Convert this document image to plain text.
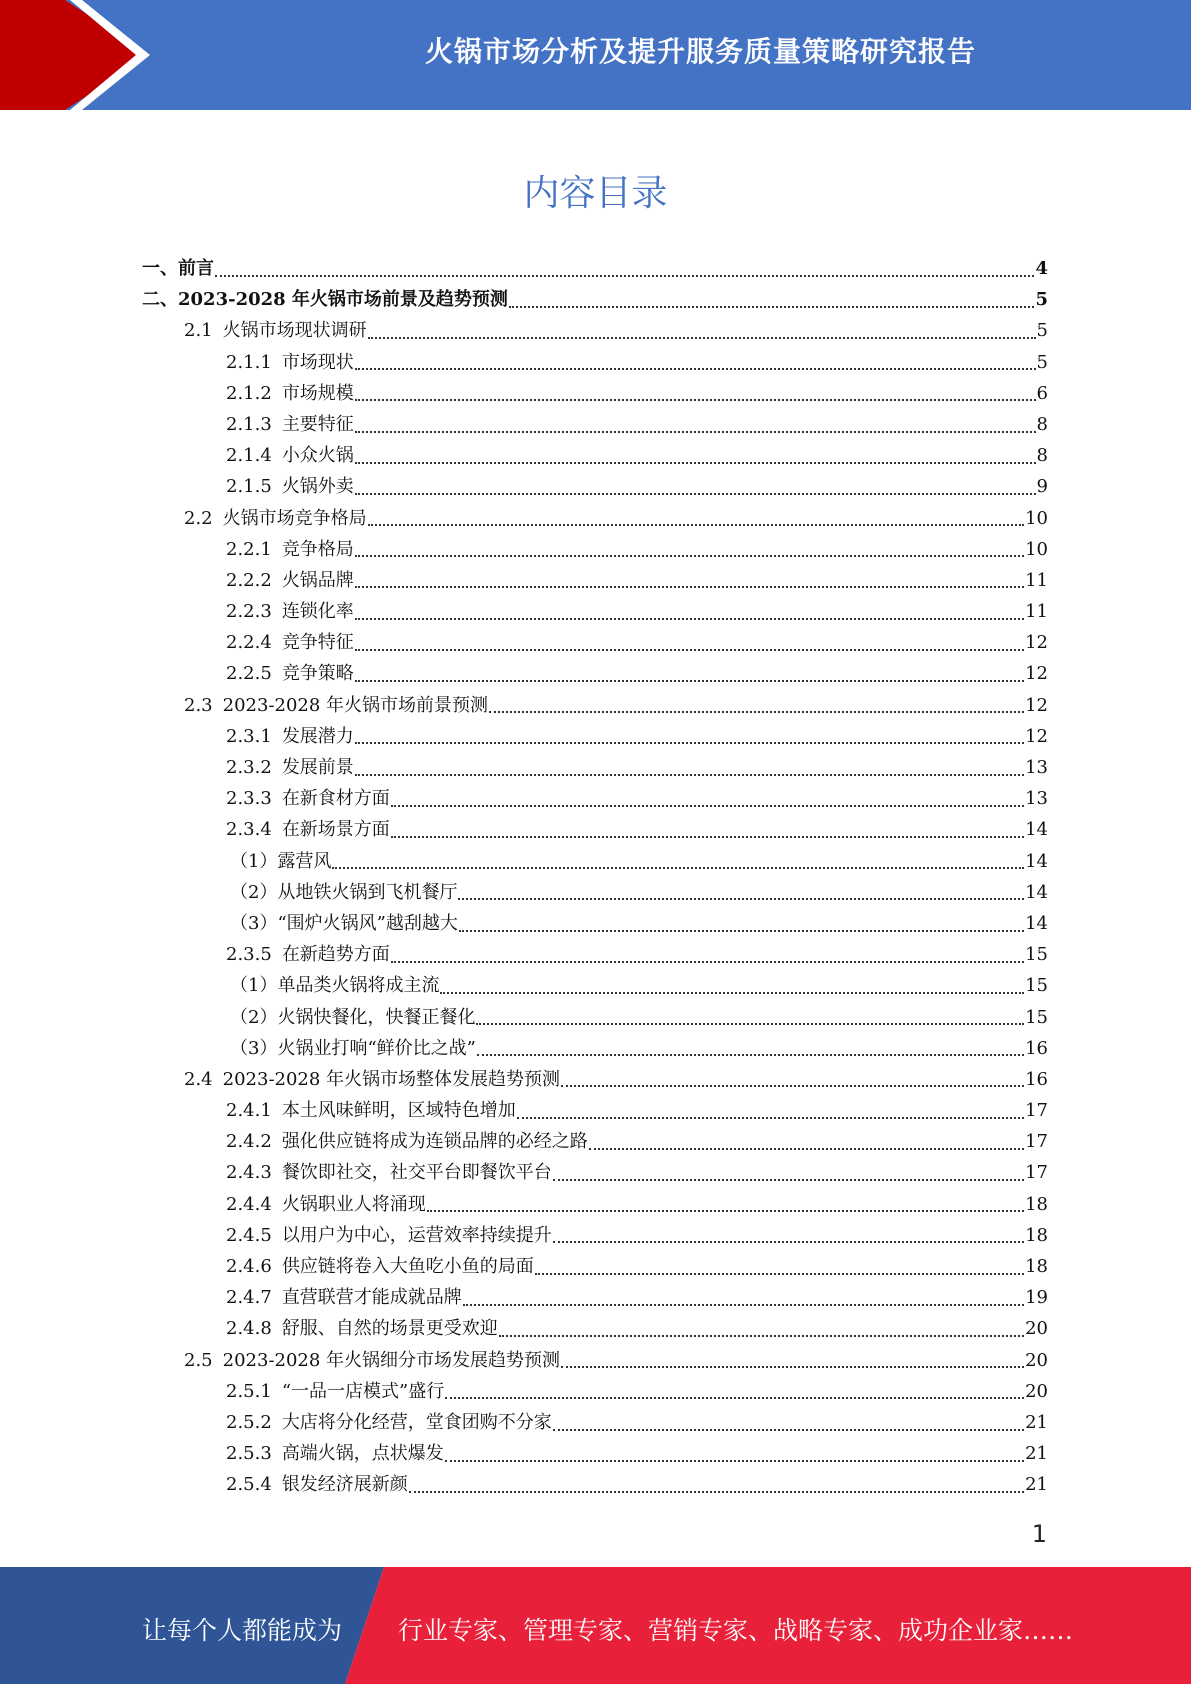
火锅市场分析及提升服务质量策略研究报告
内容目录
一、 前言	4
二、 2023-2028 年火锅市场前景及趋势预测	5
2.1 火锅市场现状调研	5
2.1.1 市场现状	5
2.1.2 市场规模	6
2.1.3 主要特征	8
2.1.4 小众火锅	8
2.1.5 火锅外卖	9
2.2 火锅市场竞争格局	10
2.2.1 竞争格局	10
2.2.2 火锅品牌	11
2.2.3 连锁化率	11
2.2.4 竞争特征	12
2.2.5 竞争策略	12
2.3 2023-2028 年火锅市场前景预测	12
2.3.1 发展潜力	12
2.3.2 发展前景	13
2.3.3 在新食材方面	13
2.3.4 在新场景方面	14
（1）露营风	14
（2）从地铁火锅到飞机餐厅	14
（3）“围炉火锅风”越刮越大	14
2.3.5 在新趋势方面	15
（1）单品类火锅将成主流	15
（2）火锅快餐化，快餐正餐化	15
（3）火锅业打响“鲜价比之战”	16
2.4 2023-2028 年火锅市场整体发展趋势预测	16
2.4.1 本土风味鲜明，区域特色增加	17
2.4.2 强化供应链将成为连锁品牌的必经之路	17
2.4.3 餐饮即社交，社交平台即餐饮平台	17
2.4.4 火锅职业人将涌现	18
2.4.5 以用户为中心，运营效率持续提升	18
2.4.6 供应链将卷入大鱼吃小鱼的局面	18
2.4.7 直营联营才能成就品牌	19
2.4.8 舒服、自然的场景更受欢迎	20
2.5 2023-2028 年火锅细分市场发展趋势预测	20
2.5.1 “一品一店模式”盛行	20
2.5.2 大店将分化经营，堂食团购不分家	21
2.5.3 高端火锅，点状爆发	21
2.5.4 银发经济展新颜	21
1
让每个人都能成为 行业专家、管理专家、营销专家、战略专家、成功企业家……
